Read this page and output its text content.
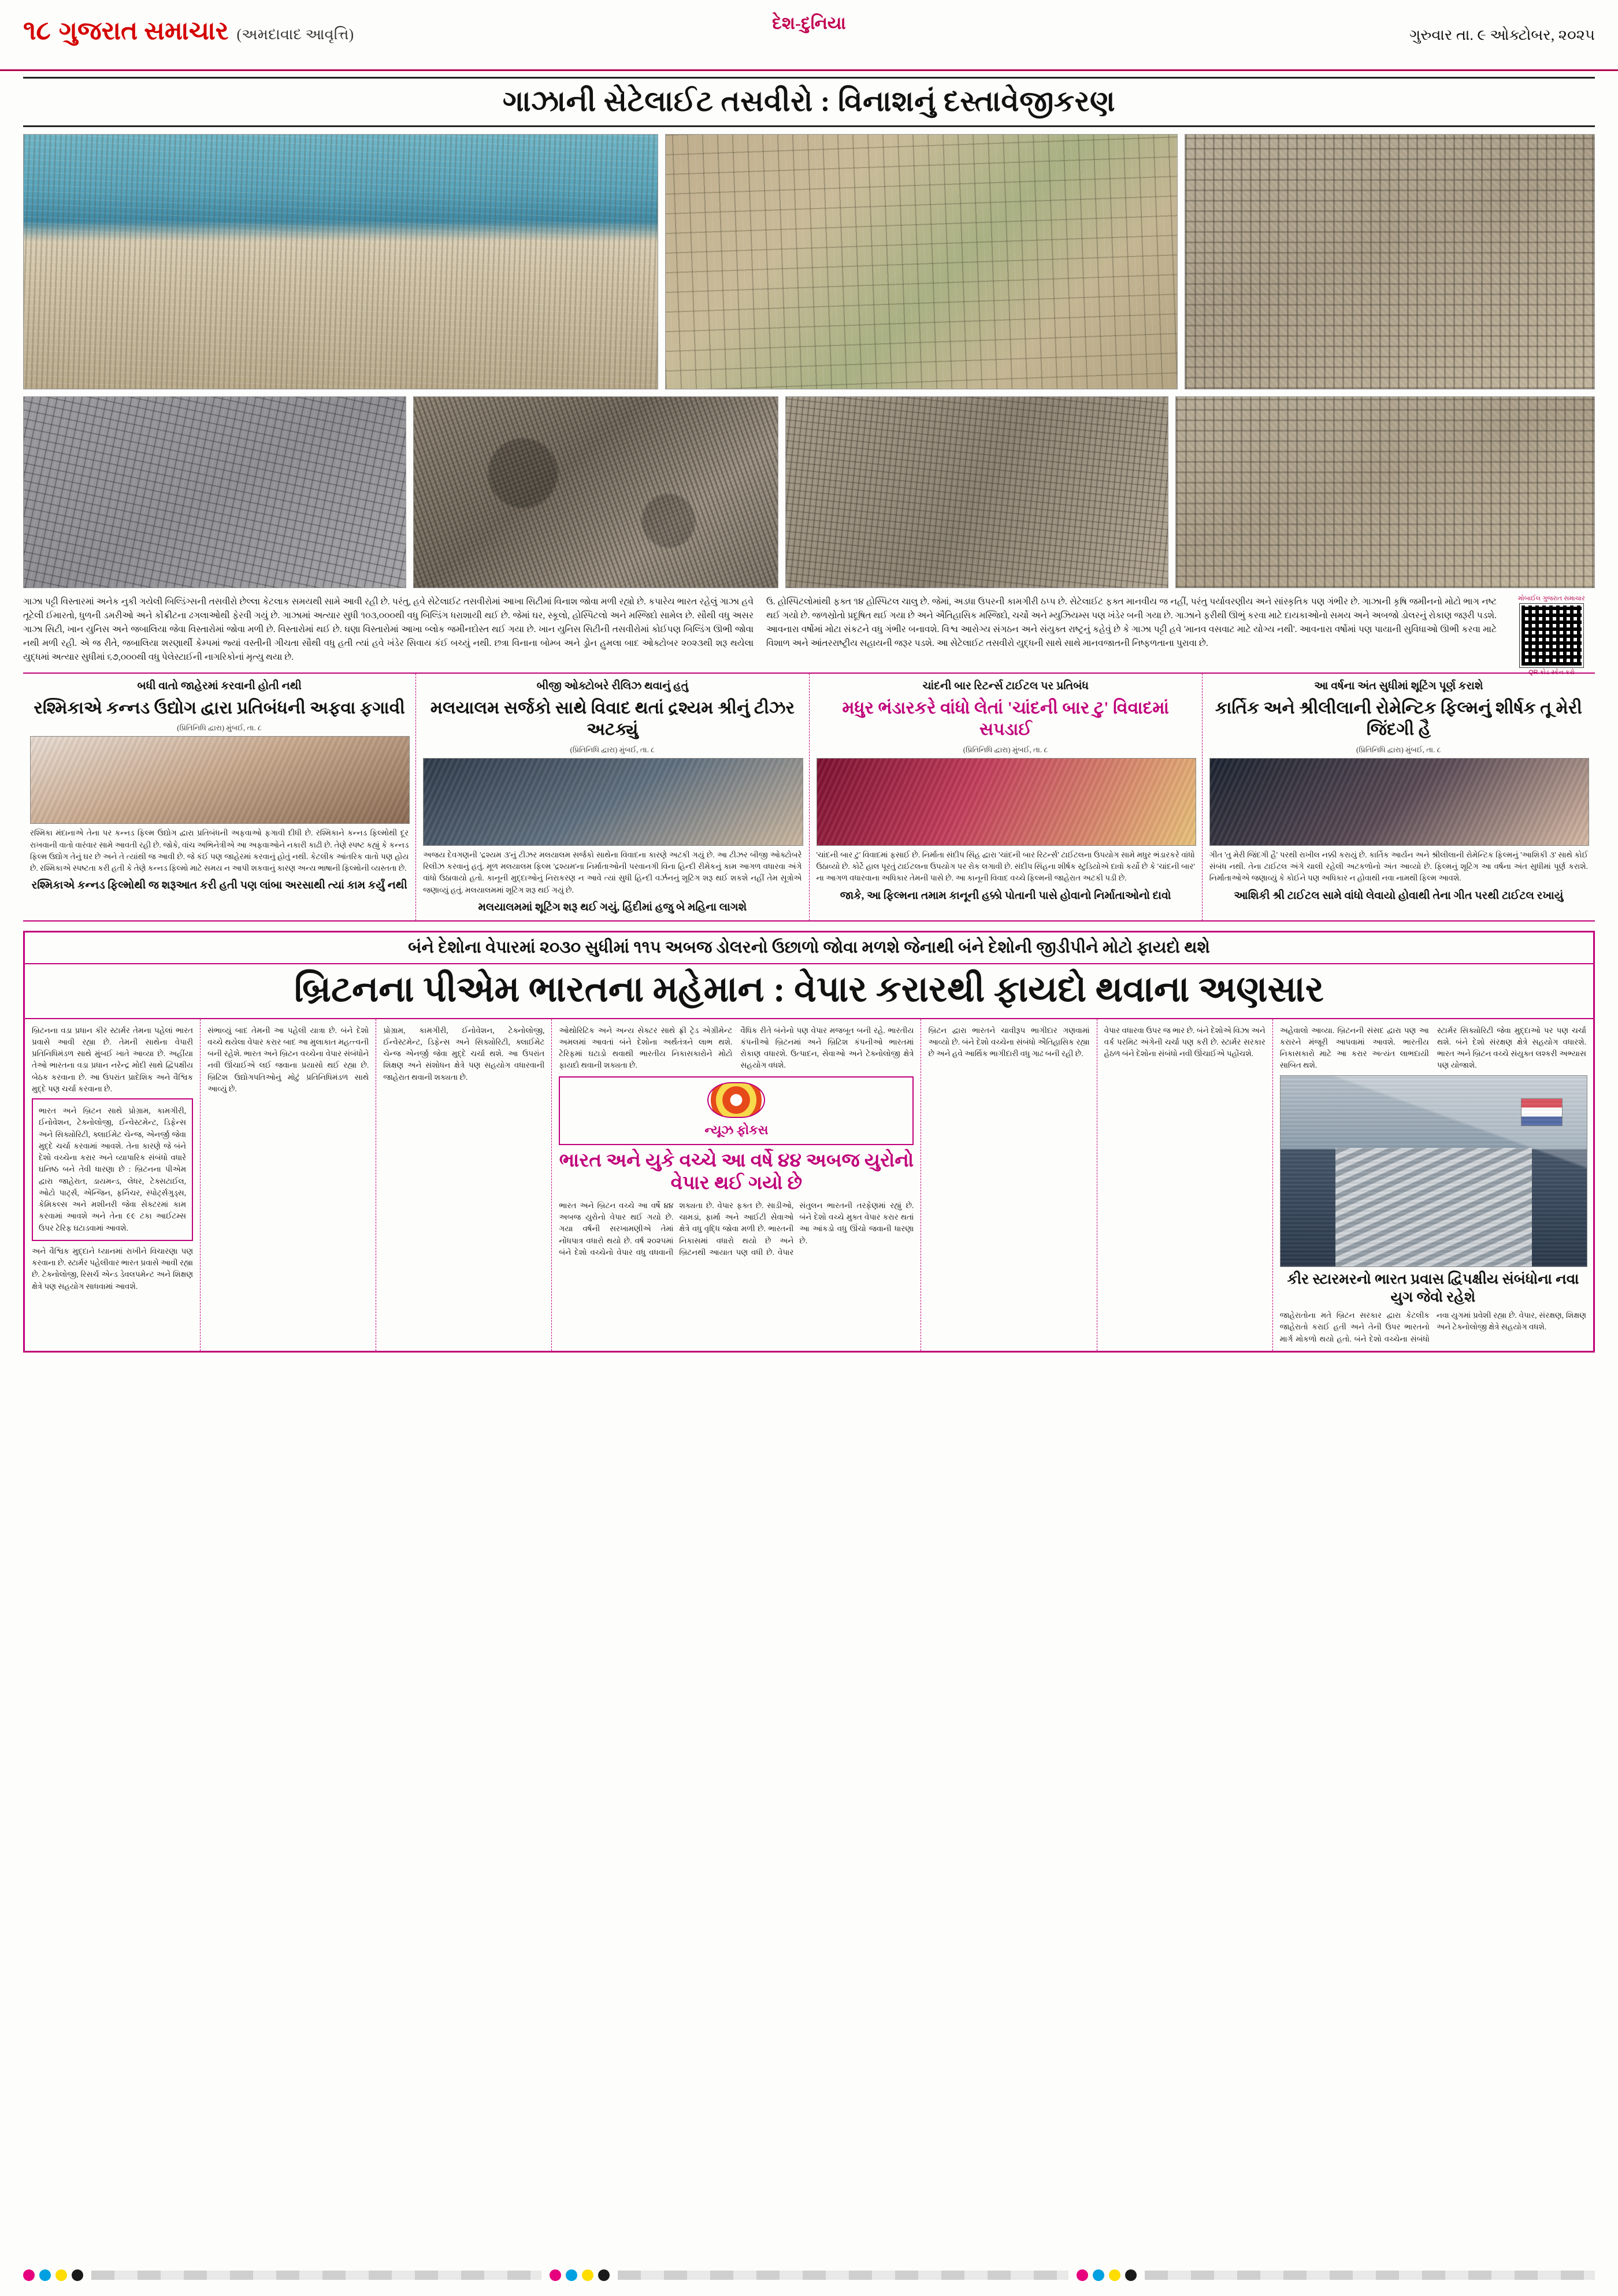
૧૮ ગુજરાત સમાચાર (અમદાવાદ આવૃત્તિ)
દેશ-દુનિયા
ગુરુવાર તા. ૯ ઓક્ટોબર, ૨૦૨૫
ગાઝાની સેટેલાઈટ તસવીરો : વિનાશનું દસ્તાવેજીકરણ
ગાઝા પટ્ટી વિસ્તારમાં અનેક નુકી ગયેલી બિલ્ડિંગ્સની તસવીરો છેલ્લા કેટલાક સમયથી સામે આવી રહી છે. પરંતુ, હવે સેટેલાઈટ તસવીરોમાં આખા સિટીમાં વિનાશ જોવા મળી રહ્યો છે. કપારેય ભારત રહેલું ગાઝા હવે તૂટેલી ઈમારતો, ધુળની ડમરીઓ અને કોંક્રીટના ઢગલાઓથી ફેરવી ગયું છે. ગાઝામાં અત્યાર સુધી ૧૦૩,૦૦૦થી વધુ બિલ્ડિંગ ધરાશાયી થઈ છે. જેમાં ઘર, સ્કૂલો, હોસ્પિટલો અને મસ્જિદો સામેલ છે. સૌથી વધુ અસર ગાઝા સિટી, ખાન યુનિસ અને જબાલિયા જેવા વિસ્તારોમાં જોવા મળી છે. વિસ્તારોમાં થઈ છે. ઘણા વિસ્તારોમાં આખા બ્લોક જમીનદોસ્ત થઈ ગયા છે. ખાન યુનિસ સિટીની તસવીરોમાં કોઈપણ બિલ્ડિંગ ઊભી જોવા નથી મળી રહી. એ જ રીતે, જબાલિયા શરણાર્થી કેમ્પમાં જ્યાં વસ્તીની ગીચતા સૌથી વધુ હતી ત્યાં હવે ખંડેર સિવાય કંઈ બચ્યું નથી. છત્રા વિનાના બોમ્બ અને ડ્રોન હુમલા બાદ ઓક્ટોબર ૨૦૨૩થી શરૂ થયેલા યુદ્ધમાં અત્યાર સુધીમાં ૬૭,૦૦૦થી વધુ પેલેસ્ટાઈની નાગરિકોનાં મૃત્યુ થયા છે.
ઉ. હોસ્પિટલોમાંથી ફક્ત ૧૪ હોસ્પિટલ ચાલુ છે. જેમાં, અડધા ઉપરની કામગીરી ઠપ્પ છે. સેટેલાઈટ ફક્ત માનવીય જ નહીં, પરંતુ પર્યાવરણીય અને સાંસ્કૃતિક પણ ગંભીર છે. ગાઝાની કૃષિ જમીનનો મોટો ભાગ નષ્ટ થઈ ગયો છે. જળસ્રોતો પ્રદૂષિત થઈ ગયા છે અને ઐતિહાસિક મસ્જિદો, ચર્ચો અને મ્યુઝિયમ્સ પણ ખંડેર બની ગયા છે. ગાઝાને ફરીથી ઊભું કરવા માટે દાયકાઓનો સમય અને અબજો ડોલરનું રોકાણ જરૂરી પડશે. આવનારા વર્ષોમાં મોટા સંકટને વધુ ગંભીર બનાવશે. વિશ્વ આરોગ્ય સંગઠન અને સંયુક્ત રાષ્ટ્રનું કહેવું છે કે ગાઝા પટ્ટી હવે 'માનવ વસવાટ માટે યોગ્ય નથી'. આવનારા વર્ષોમાં પણ પાયાની સુવિધાઓ ઊભી કરવા માટે વિશાળ અને આંતરરાષ્ટ્રીય સહાયની જરૂર પડશે. આ સેટેલાઈટ તસવીરો યુદ્ધની સાથે સાથે માનવજાતની નિષ્ફળતાના પુરાવા છે.
મોબાઈલ ગુજરાત સમાચાર
QR કોડ સ્કેન કરો
બધી વાતો જાહેરમાં કરવાની હોતી નથી
રશ્મિકાએ કન્નડ ઉદ્યોગ દ્વારા પ્રતિબંધની અફવા ફગાવી
(પ્રિતિનિધિ દ્વારા) મુંબઈ, તા. ૮
રશ્મિકા મંદાનાએ તેના પર કન્નડ ફિલ્મ ઉદ્યોગ દ્વારા પ્રતિબંધની અફવાઓ ફગાવી દીધી છે. રશ્મિકાને કન્નડ ફિલ્મોથી દૂર રાખવાની વાતો વારંવાર સામે આવતી રહી છે. જોકે, વાંચ અભિનેત્રીએ આ અફવાઓને નકારી કાઢી છે. તેણે સ્પષ્ટ કહ્યું કે કન્નડ ફિલ્મ ઉદ્યોગ તેનું ઘર છે અને તે ત્યાંથી જ આવી છે. જે કંઈ પણ જાહેરમાં કરવાનું હોતું નથી. કેટલીક આંતરિક વાતો પણ હોય છે. રશ્મિકાએ સ્પષ્ટતા કરી હતી કે તેણે કન્નડ ફિલ્મો માટે સમય ન આપી શકવાનું કારણ અન્ય ભાષાની ફિલ્મોની વ્યસ્તતા છે.
રશ્મિકાએ કન્નડ ફિલ્મોથી જ શરૂઆત કરી હતી પણ લાંબા અરસાથી ત્યાં કામ કર્યું નથી
બીજી ઓક્ટોબરે રીલિઝ થવાનું હતું
મલયાલમ સર્જકો સાથે વિવાદ થતાં દ્રશ્યમ શ્રીનું ટીઝર અટક્યું
(પ્રિતિનિધિ દ્વારા) મુંબઈ, તા. ૮
અજય દેવગણની 'દ્રશ્યમ ૩'નું ટીઝર મલયાલમ સર્જકો સાથેના વિવાદના કારણે અટકી ગયું છે. આ ટીઝર બીજી ઓક્ટોબરે રિલીઝ કરવાનું હતું. મૂળ મલયાલમ ફિલ્મ 'દ્રશ્યમ'ના નિર્માતાઓની પરવાનગી વિના હિન્દી રીમેકનું કામ આગળ વધારવા અંગે વાંધો ઉઠાવાયો હતો. કાનૂની મુદ્દાઓનું નિરાકરણ ન આવે ત્યાં સુધી હિન્દી વર્ઝનનું શૂટિંગ શરૂ થઈ શકશે નહીં તેમ સૂત્રોએ જણાવ્યું હતું. મલયાલમમાં શૂટિંગ શરૂ થઈ ગયું છે.
મલયાલમમાં શૂટિંગ શરૂ થઈ ગયું, હિંદીમાં હજુ બે મહિના લાગશે
ચાંદની બાર રિટર્ન્સ ટાઈટલ પર પ્રતિબંધ
મધુર ભંડારકરે વાંધો લેતાં 'ચાંદની બાર ટુ' વિવાદમાં સપડાઈ
(પ્રિતિનિધિ દ્વારા) મુંબઈ, તા. ૮
'ચાંદની બાર ટુ' વિવાદમાં ફસાઈ છે. નિર્માતા સંદીપ સિંહ દ્વારા 'ચાંદની બાર રિટર્ન્સ' ટાઈટલના ઉપયોગ સામે મધુર ભંડારકરે વાંધો ઉઠાવ્યો છે. કોર્ટે હાલ પૂરતું ટાઈટલના ઉપયોગ પર રોક લગાવી છે. સંદીપ સિંહના શીર્ષક સ્ટુડિયોએ દાવો કર્યો છે કે 'ચાંદની બાર' ના આગળ વધારવાના અધિકાર તેમની પાસે છે. આ કાનૂની વિવાદ વચ્ચે ફિલ્મની જાહેરાત અટકી પડી છે.
જાકે, આ ફિલ્મના તમામ કાનૂની હક્કો પોતાની પાસે હોવાનો નિર્માતાઓનો દાવો
આ વર્ષના અંત સુધીમાં શૂટિંગ પૂર્ણ કરાશે
કાર્તિક અને શ્રીલીલાની રોમેન્ટિક ફિલ્મનું શીર્ષક તૂ મેરી જિંદગી હૈ
(પ્રિતિનિધિ દ્વારા) મુંબઈ, તા. ૮
ગીત 'તુ મેરી જિંદગી હૈ' પરથી રાખીલ નક્કી કરાયું છે. કાર્તિક આર્યન અને શ્રીલીલાની રોમેન્ટિક ફિલ્મનું 'આશિકી ૩' સાથે કોઈ સંબંધ નથી. તેના ટાઈટલ અંગે ચાલી રહેલી અટકળોનો અંત આવ્યો છે. ફિલ્મનું શૂટિંગ આ વર્ષના અંત સુધીમાં પૂર્ણ કરાશે. નિર્માતાઓએ જણાવ્યું કે કોઈને પણ અધિકાર ન હોવાથી નવા નામથી ફિલ્મ આવશે.
આશિકી શ્રી ટાઈટલ સામે વાંધો લેવાયો હોવાથી તેના ગીત પરથી ટાઈટલ રખાયું
બંને દેશોના વેપારમાં ૨૦૩૦ સુધીમાં ૧૧૫ અબજ ડોલરનો ઉછાળો જોવા મળશે જેનાથી બંને દેશોની જીડીપીને મોટો ફાયદો થશે
બ્રિટનના પીએમ ભારતના મહેમાન : વેપાર કરારથી ફાયદો થવાના અણસાર
બ્રિટનના વડા પ્રધાન કીર સ્ટાર્મર તેમના પહેલાં ભારત પ્રવાસે આવી રહ્યા છે. તેમની સાથેના વેપારી પ્રતિનિધિમંડળ સાથે મુંબઈ ખાતે આવ્યા છે. અહીંયા તેઓ ભારતના વડા પ્રધાન નરેન્દ્ર મોદી સાથે દ્વિપક્ષીય બેઠક કરવાના છે. આ ઉપરાંત પ્રાદેશિક અને વૈશ્વિક મુદ્દે પણ ચર્ચા કરવાના છે.

ભારત અને બ્રિટન સાથે પ્રોગ્રામ, કામગીરી, ઈનોવેશન, ટેક્નોલોજી, ઈન્વેસ્ટમેન્ટ, ડિફેન્સ અને સિક્યોરિટી, ક્લાઈમેટ ચેન્જ, એનર્જી જેવા મુદ્દે ચર્ચા કરવામાં આવશે. તેના કારણે જે બંને દેશો વચ્ચેના કરાર અને વ્યાપારિક સંબંધો વધારે ઘનિષ્ઠ બને તેવી ધારણા છે : બ્રિટનના પીએમ દ્વારા જાહેરાત, ડાયમન્ડ, લેધર, ટેક્સટાઈલ, ઓટો પાર્ટ્સ, એન્જિન, ફર્નિચર, સ્પોર્ટ્સગુડ્સ, કેમિકલ્સ અને મશીનરી જેવા સેક્ટરમાં કામ કરવામાં આવશે અને તેના ૯૯ ટકા આઈટમ્સ ઉપર ટેરિફ ઘટાડવામાં આવશે.

અને વૈશ્વિક મુદ્દાને ધ્યાનમાં રાખીને વિચારણા પણ કરવાના છે. સ્ટાર્મર પહેલીવાર ભારત પ્રવાસે આવી રહ્યા છે. ટેક્નોલોજી, રિસર્ચ એન્ડ ડેવલપમેન્ટ અને શિક્ષણ ક્ષેત્રે પણ સહયોગ સાધવામાં આવશે.
સંભાવ્યું બાદ તેમની આ પહેલી યાત્રા છે. બંને દેશો વચ્ચે થયેલા વેપાર કરાર બાદ આ મુલાકાત મહત્ત્વની બની રહેશે. ભારત અને બ્રિટન વચ્ચેના વેપાર સંબંધોને નવી ઊંચાઈએ લઈ જવાના પ્રયાસો થઈ રહ્યા છે. બ્રિટિશ ઉદ્યોગપતિઓનું મોટું પ્રતિનિધિમંડળ સાથે આવ્યું છે.
પ્રોગ્રામ, કામગીરી, ઈનોવેશન, ટેક્નોલોજી, ઈન્વેસ્ટમેન્ટ, ડિફેન્સ અને સિક્યોરિટી, ક્લાઈમેટ ચેન્જ એનર્જી જેવા મુદ્દે ચર્ચા થશે. આ ઉપરાંત શિક્ષણ અને સંશોધન ક્ષેત્રે પણ સહયોગ વધારવાની જાહેરાત થવાની શક્યતા છે.
ઓથોરિટિક અને અન્ય સેક્ટર સાથે ફ્રી ટ્રેડ એગ્રીમેન્ટ અમલમાં આવતાં બંને દેશોના અર્થતંત્રને લાભ થશે. ટેરિફમાં ઘટાડો થવાથી ભારતીય નિકાસકારોને મોટો ફાયદો થવાની શક્યતા છે.
વૈધિક રીતે બંનેનો પણ વેપાર મજબૂત બની રહે. ભારતીય કંપનીઓ બ્રિટનમાં અને બ્રિટિશ કંપનીઓ ભારતમાં રોકાણ વધારશે. ઉત્પાદન, સેવાઓ અને ટેક્નોલોજી ક્ષેત્રે સહયોગ વધશે.
ન્યૂઝ ફોકસ
ભારત અને યુકે વચ્ચે આ વર્ષે ૪૪ અબજ યુરોનો વેપાર થઈ ગયો છે
ભારત અને બ્રિટન વચ્ચે આ વર્ષે ૪૪ અબજ યુરોનો વેપાર થઈ ગયો છે. ગયા વર્ષની સરખામણીએ તેમાં નોંધપાત્ર વધારો થયો છે. વર્ષ ૨૦૨૫માં બંને દેશો વચ્ચેનો વેપાર વધુ વધવાની શક્યતા છે. વેપાર ફક્ત છે. સાડીઓ, ચામડાં, ફાર્મા અને આઈટી સેવાઓ ક્ષેત્રે વધુ વૃદ્ધિ જોવા મળી છે. ભારતની નિકાસમાં વધારો થયો છે અને બ્રિટનથી આયાત પણ વધી છે. વેપાર સંતુલન ભારતની તરફેણમાં રહ્યું છે. બંને દેશો વચ્ચે મુક્ત વેપાર કરાર થતાં આ આંકડો વધુ ઊંચો જવાની ધારણા છે.
બ્રિટન દ્વારા ભારતને ચાવીરૂપ ભાગીદાર ગણવામાં આવ્યો છે. બંને દેશો વચ્ચેના સંબંધો ઐતિહાસિક રહ્યા છે અને હવે આર્થિક ભાગીદારી વધુ ગાઢ બની રહી છે.
વેપાર વધારવા ઉપર જ ભાર છે. બંને દેશોએ વિઝા અને વર્ક પરમિટ અંગેની ચર્ચા પણ કરી છે. સ્ટાર્મર સરકાર હેઠળ બંને દેશોના સંબંધો નવી ઊંચાઈએ પહોંચશે.
અહેવાલો આવ્યા. બ્રિટનની સંસદ દ્વારા પણ આ કરારને મંજૂરી આપવામાં આવશે. ભારતીય નિકાસકારો માટે આ કરાર અત્યંત લાભદાયી સાબિત થશે.
સ્ટાર્મર સિક્યોરિટી જેવા મુદ્દાઓ પર પણ ચર્ચા થશે. બંને દેશો સંરક્ષણ ક્ષેત્રે સહયોગ વધારશે. ભારત અને બ્રિટન વચ્ચે સંયુક્ત લશ્કરી અભ્યાસ પણ યોજાશે.
કીર સ્ટારમરનો ભારત પ્રવાસ દ્વિપક્ષીય સંબંધોના નવા યુગ જેવો રહેશે
જાહેરાતોના મતે બ્રિટન સરકાર દ્વારા કેટલીક જાહેરાતો કરાઈ હતી અને તેની ઉપર ભારતનો માર્ગ મોકળો થયો હતો. બંને દેશો વચ્ચેના સંબંધો નવા યુગમાં પ્રવેશી રહ્યા છે. વેપાર, સંરક્ષણ, શિક્ષણ અને ટેક્નોલોજી ક્ષેત્રે સહયોગ વધશે.
